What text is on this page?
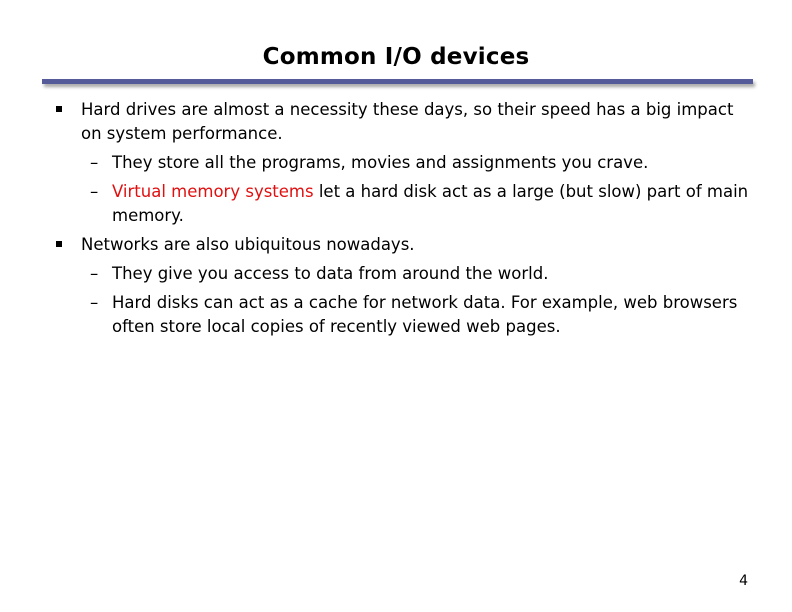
Common I/O devices
Hard drives are almost a necessity these days, so their speed has a big impact on system performance.
– They store all the programs, movies and assignments you crave.
– Virtual memory systems let a hard disk act as a large (but slow) part of main memory.
Networks are also ubiquitous nowadays.
– They give you access to data from around the world.
– Hard disks can act as a cache for network data. For example, web browsers often store local copies of recently viewed web pages.
4
